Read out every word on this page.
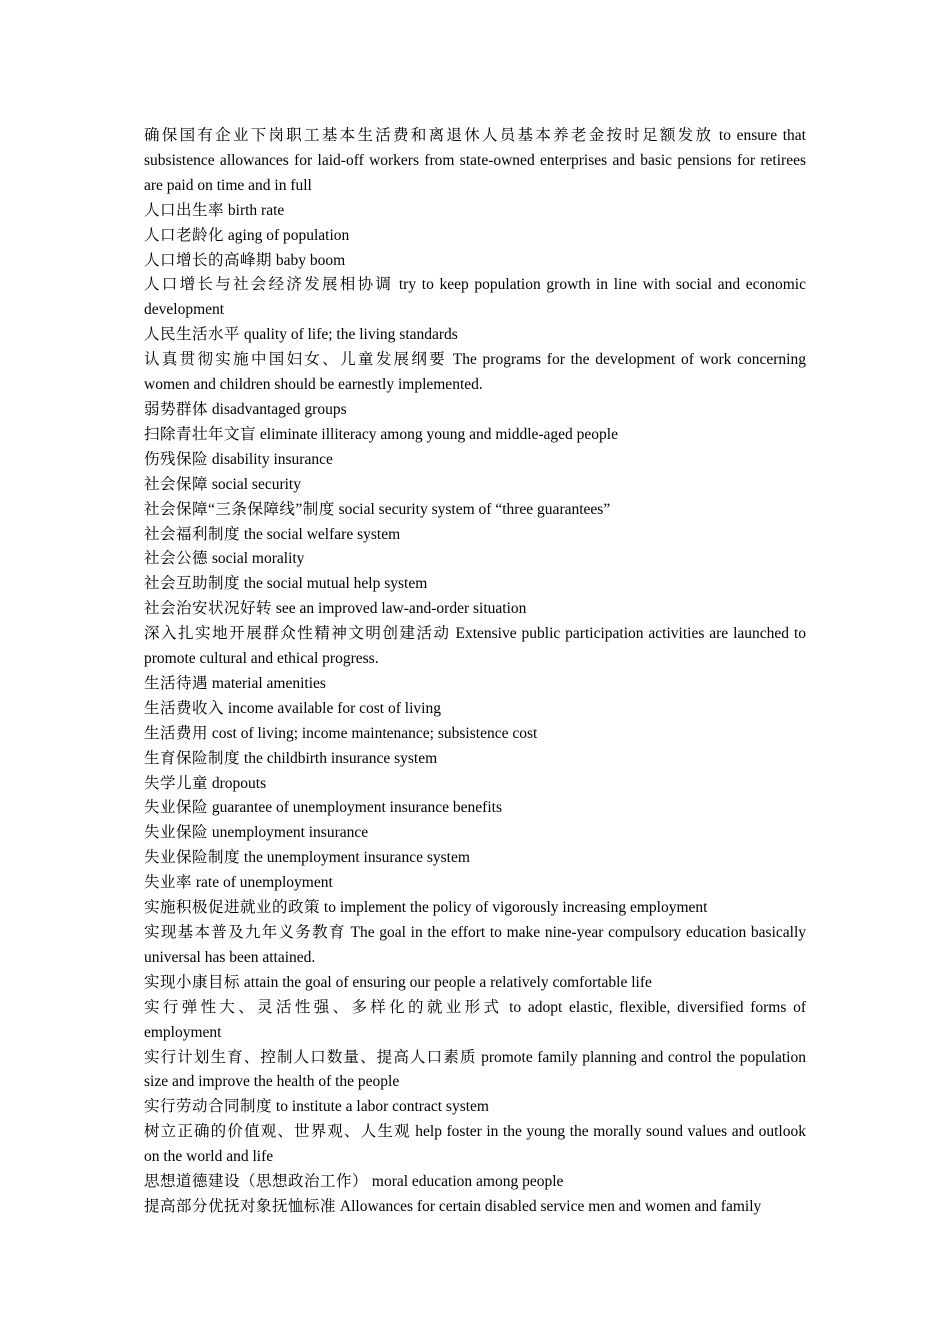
确保国有企业下岗职工基本生活费和离退休人员基本养老金按时足额发放 to ensure that subsistence allowances for laid-off workers from state-owned enterprises and basic pensions for retirees are paid on time and in full

人口出生率 birth rate

人口老龄化 aging of population

人口增长的高峰期 baby boom

人口增长与社会经济发展相协调 try to keep population growth in line with social and economic development

人民生活水平 quality of life; the living standards

认真贯彻实施中国妇女、儿童发展纲要 The programs for the development of work concerning women and children should be earnestly implemented.

弱势群体 disadvantaged groups

扫除青壮年文盲 eliminate illiteracy among young and middle-aged people

伤残保险 disability insurance

社会保障 social security

社会保障“三条保障线”制度 social security system of “three guarantees”

社会福利制度 the social welfare system

社会公德 social morality

社会互助制度 the social mutual help system

社会治安状况好转 see an improved law-and-order situation

深入扎实地开展群众性精神文明创建活动 Extensive public participation activities are launched to promote cultural and ethical progress.

生活待遇 material amenities

生活费收入 income available for cost of living

生活费用 cost of living; income maintenance; subsistence cost

生育保险制度 the childbirth insurance system

失学儿童 dropouts

失业保险 guarantee of unemployment insurance benefits

失业保险 unemployment insurance

失业保险制度 the unemployment insurance system

失业率 rate of unemployment

实施积极促进就业的政策 to implement the policy of vigorously increasing employment

实现基本普及九年义务教育 The goal in the effort to make nine-year compulsory education basically universal has been attained.

实现小康目标 attain the goal of ensuring our people a relatively comfortable life

实行弹性大、灵活性强、多样化的就业形式 to adopt elastic, flexible, diversified forms of employment

实行计划生育、控制人口数量、提高人口素质 promote family planning and control the population size and improve the health of the people

实行劳动合同制度 to institute a labor contract system

树立正确的价值观、世界观、人生观 help foster in the young the morally sound values and outlook on the world and life

思想道德建设（思想政治工作） moral education among people

提高部分优抚对象抚恤标准 Allowances for certain disabled service men and women and family
